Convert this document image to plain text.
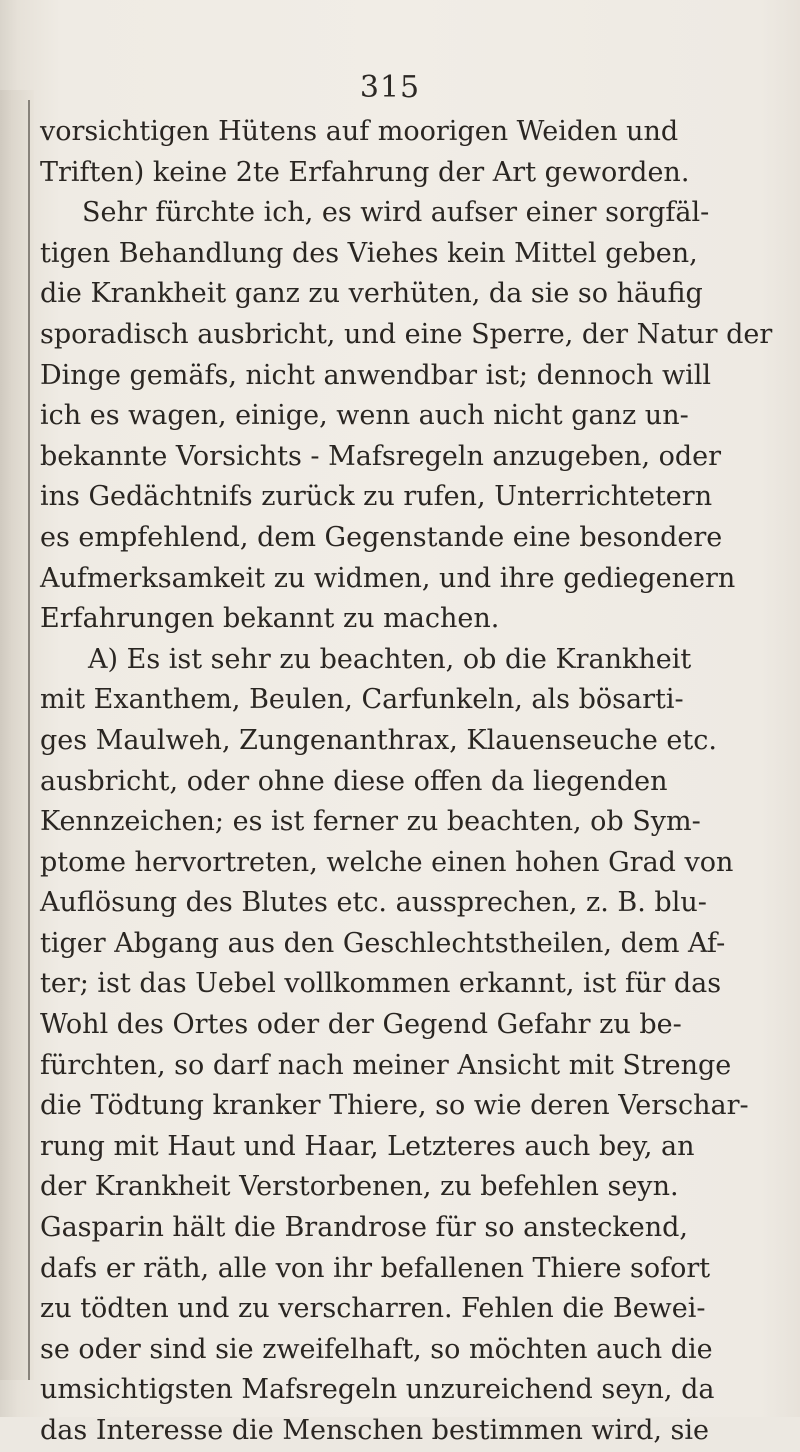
315
vorsichtigen Hütens auf moorigen Weiden und
Triften) keine 2te Erfahrung der Art geworden.
Sehr fürchte ich, es wird aufser einer sorgfäl-
tigen Behandlung des Viehes kein Mittel geben,
die Krankheit ganz zu verhüten, da sie so häufig
sporadisch ausbricht, und eine Sperre, der Natur der
Dinge gemäfs, nicht anwendbar ist; dennoch will
ich es wagen, einige, wenn auch nicht ganz un-
bekannte Vorsichts - Mafsregeln anzugeben, oder
ins Gedächtnifs zurück zu rufen, Unterrichtetern
es empfehlend, dem Gegenstande eine besondere
Aufmerksamkeit zu widmen, und ihre gediegenern
Erfahrungen bekannt zu machen.
A) Es ist sehr zu beachten, ob die Krankheit
mit Exanthem, Beulen, Carfunkeln, als bösarti-
ges Maulweh, Zungenanthrax, Klauenseuche etc.
ausbricht, oder ohne diese offen da liegenden
Kennzeichen; es ist ferner zu beachten, ob Sym-
ptome hervortreten, welche einen hohen Grad von
Auflösung des Blutes etc. aussprechen, z. B. blu-
tiger Abgang aus den Geschlechtstheilen, dem Af-
ter; ist das Uebel vollkommen erkannt, ist für das
Wohl des Ortes oder der Gegend Gefahr zu be-
fürchten, so darf nach meiner Ansicht mit Strenge
die Tödtung kranker Thiere, so wie deren Verschar-
rung mit Haut und Haar, Letzteres auch bey, an
der Krankheit Verstorbenen, zu befehlen seyn.
Gasparin hält die Brandrose für so ansteckend,
dafs er räth, alle von ihr befallenen Thiere sofort
zu tödten und zu verscharren. Fehlen die Bewei-
se oder sind sie zweifelhaft, so möchten auch die
umsichtigsten Mafsregeln unzureichend seyn, da
das Interesse die Menschen bestimmen wird, sie
